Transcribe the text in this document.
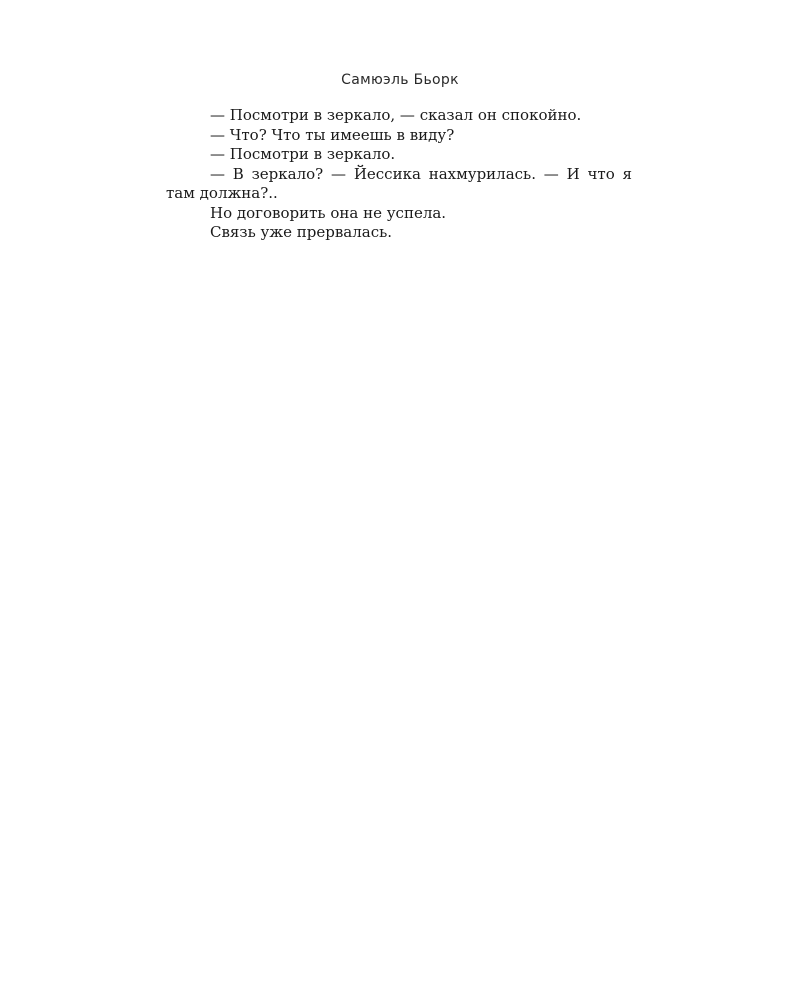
Самюэль Бьорк

— Посмотри в зеркало, — сказал он спокойно.

— Что? Что ты имеешь в виду?

— Посмотри в зеркало.

— В зеркало? — Йессика нахмурилась. — И что я там должна?..

Но договорить она не успела.

Связь уже прервалась.
